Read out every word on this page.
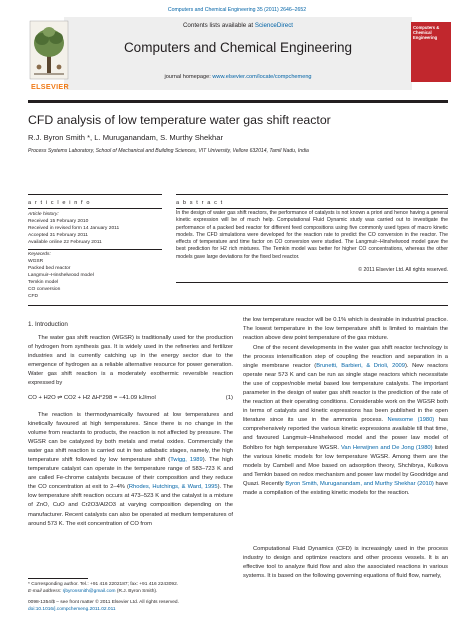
Computers and Chemical Engineering 35 (2011) 2646–2652
Contents lists available at ScienceDirect
Computers and Chemical Engineering
journal homepage: www.elsevier.com/locate/compchemeng
ELSEVIER
Computers & Chemical Engineering
CFD analysis of low temperature water gas shift reactor
R.J. Byron Smith *, L. Muruganandam, S. Murthy Shekhar
Process Systems Laboratory, School of Mechanical and Building Sciences, VIT University, Vellore 632014, Tamil Nadu, India
a r t i c l e i n f o
Article history:
Received 15 February 2010
Received in revised form 14 January 2011
Accepted 31 February 2011
Available online 22 February 2011
Keywords:
WGSR
Packed bed reactor
Langmuir–Hinshelwood model
Temkin model
CO conversion
CFD
a b s t r a c t
In the design of water gas shift reactors, the performance of catalysts is not known a priori and hence having a general kinetic expression will be of much help. Computational Fluid Dynamic study was carried out to investigate the performance of a packed bed reactor for different feed compositions using five commonly used types of macro kinetic models. The CFD simulations were developed for the reaction rate to predict the CO conversion in the reactor. The effects of temperature and time factor on CO conversion were studied. The Langmuir–Hinshelwood model gave the best prediction for H2 rich mixtures. The Temkin model was better for higher CO concentrations, whereas the other models gave large deviations for the fixed bed reactor.
© 2011 Elsevier Ltd. All rights reserved.
1. Introduction

The water gas shift reaction (WGSR) is traditionally used for the production of hydrogen from synthesis gas. It is widely used in the refineries and fertilizer industries and is currently catching up in the energy sector due to the emergence of hydrogen as a reliable alternative resource for power generation. Water gas shift reaction is a moderately exothermic reversible reaction expressed by

CO + H2O ⇌ CO2 + H2 ΔH°298 = −41.09 kJ/mol	(1)

The reaction is thermodynamically favoured at low temperatures and kinetically favoured at high temperatures. Since there is no change in the volume from reactants to products, the reaction is not affected by pressure. The WGSR can be catalyzed by both metals and metal oxides. Commercially the water gas shift reaction is carried out in two adiabatic stages, namely, the high temperature shift followed by low temperature shift (Twigg, 1989). The high temperature catalyst can operate in the temperature range of 583–723 K and are called Fe-chrome catalysts because of their composition and they reduce the CO concentration at exit to 2–4% (Rhodes, Hutchings, & Ward, 1995). The low temperature shift reaction occurs at 473–523 K and the catalyst is a mixture of ZnO, CuO and Cr2O3/Al2O3 at varying composition depending on the manufacturer. Recent catalysts can also be operated at medium temperatures of around 573 K. The exit concentration of CO from

* Corresponding author. Tel.: +91 416 2202187; fax: +91 416 2243092.
E-mail address: rjbyronsmith@gmail.com (R.J. Byron Smith).
0098-1354/$ – see front matter © 2011 Elsevier Ltd. All rights reserved.
doi:10.1016/j.compchemeng.2011.02.011

the low temperature reactor will be 0.1% which is desirable in industrial practice. The lowest temperature in the low temperature shift is limited to maintain the reaction above dew point temperature of the gas mixture.

One of the recent developments in the water gas shift reactor technology is the process intensification step of coupling the reaction and separation in a single membrane reactor (Brunetti, Barbieri, & Drioli, 2009). New reactors operate near 573 K and can be run as single stage reactors which necessitate the use of copper/noble metal based low temperature catalysts. The important parameter in the design of water gas shift reactor is the prediction of the rate of the reaction at their operating conditions. Considerable work on the WGSR both in terms of catalysts and kinetic expressions has been published in the open literature since its use in the ammonia process. Newsome (1980) has comprehensively reported the various kinetic expressions available till that time, and favoured Langmuir–Hinshelwood model and the power law model of Bohlbro for high temperature WGSR. Van Herwijnen and De Jong (1980) listed the various kinetic models for low temperature WGSR. Among them are the models by Cambell and Moe based on adsorption theory, Shchibrya, Kulkova and Temkin based on redox mechanism and power law model by Goodridge and Quazi. Recently Byron Smith, Muruganandam, and Murthy Shekhar (2010) have made a compilation of the existing kinetic models for the reaction.

Computational Fluid Dynamics (CFD) is increasingly used in the process industry to design and optimize reactors and other process vessels. It is an effective tool to analyze fluid flow and also the associated reactions in various systems. It is based on the following governing equations of fluid flow, namely,
